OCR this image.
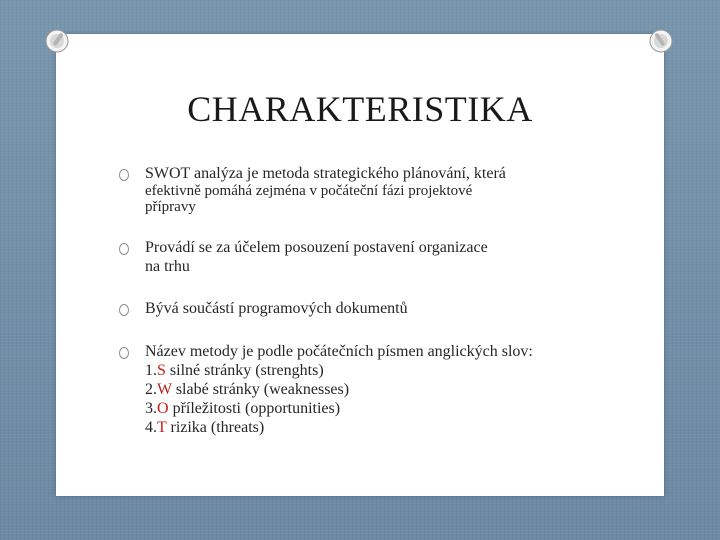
CHARAKTERISTIKA
SWOT analýza je metoda strategického plánování, která
efektivně pomáhá zejména v počáteční fázi projektové
přípravy
Provádí se za účelem posouzení postavení organizace
na trhu
Bývá součástí programových dokumentů
Název metody je podle počátečních písmen anglických slov:
1.S silné stránky (strenghts)
2.W slabé stránky (weaknesses)
3.O příležitosti (opportunities)
4.T rizika (threats)
